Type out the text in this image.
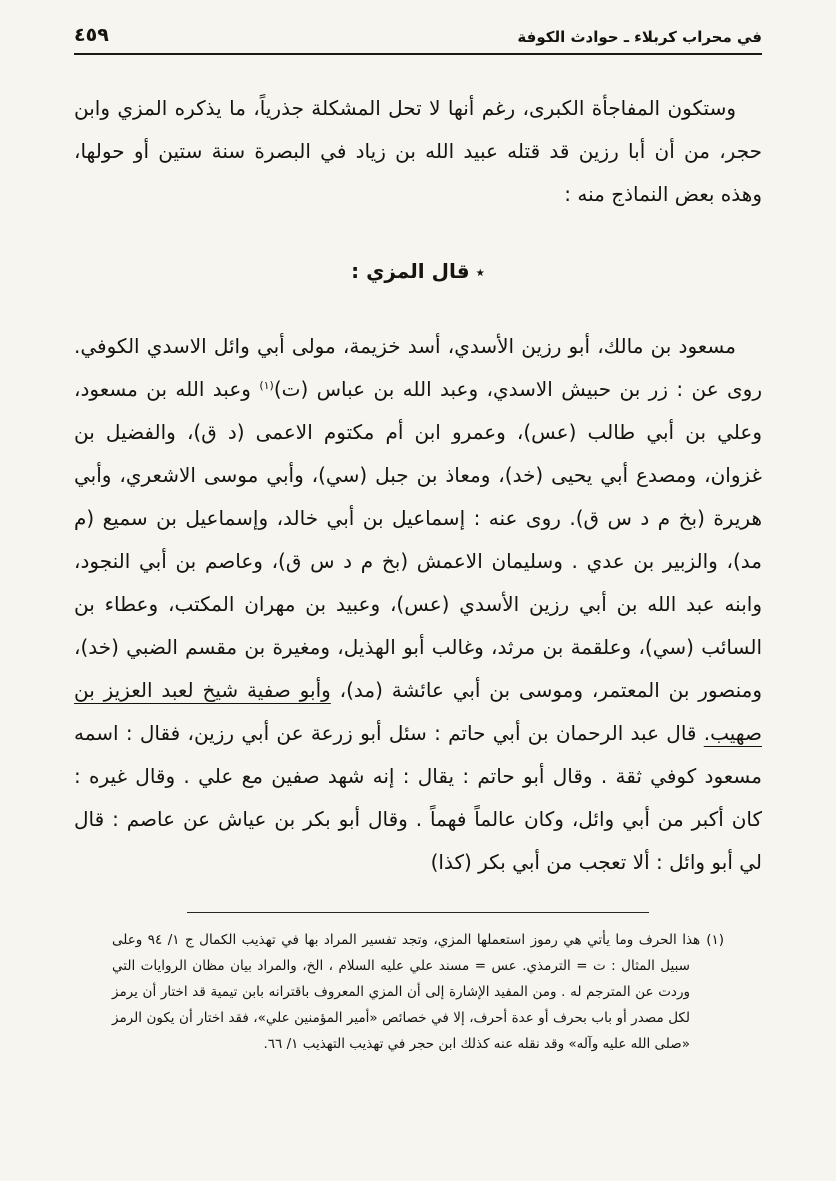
في محراب كربلاء ـ حوادث الكوفة
٤٥٩

وستكون المفاجأة الكبرى، رغم أنها لا تحل المشكلة جذرياً، ما يذكره المزي وابن حجر، من أن أبا رزين قد قتله عبيد الله بن زياد في البصرة سنة ستين أو حولها، وهذه بعض النماذج منه :

٭قال المزي :

مسعود بن مالك، أبو رزين الأسدي، أسد خزيمة، مولى أبي وائل الاسدي الكوفي. روى عن : زر بن حبيش الاسدي، وعبد الله بن عباس (ت)$^{(١)}$ وعبد الله بن مسعود، وعلي بن أبي طالب (عس)، وعمرو ابن أم مكتوم الاعمى (د ق)، والفضيل بن غزوان، ومصدع أبي يحيى (خد)، ومعاذ بن جبل (سي)، وأبي موسى الاشعري، وأبي هريرة (بخ م د س ق). روى عنه : إسماعيل بن أبي خالد، وإسماعيل بن سميع (م مد)، والزبير بن عدي . وسليمان الاعمش (بخ م د س ق)، وعاصم بن أبي النجود، وابنه عبد الله بن أبي رزين الأسدي (عس)، وعبيد بن مهران المكتب، وعطاء بن السائب (سي)، وعلقمة بن مرثد، وغالب أبو الهذيل، ومغيرة بن مقسم الضبي (خد)، ومنصور بن المعتمر، وموسى بن أبي عائشة (مد)، وأبو صفية شيخ لعبد العزيز بن صهيب. قال عبد الرحمان بن أبي حاتم : سئل أبو زرعة عن أبي رزين، فقال : اسمه مسعود كوفي ثقة . وقال أبو حاتم : يقال : إنه شهد صفين مع علي . وقال غيره : كان أكبر من أبي وائل، وكان عالماً فهماً . وقال أبو بكر بن عياش عن عاصم : قال لي أبو وائل : ألا تعجب من أبي بكر (كذا)

(١)هذا الحرف وما يأتي هي رموز استعملها المزي، وتجد تفسير المراد بها في تهذيب الكمال ج ١/ ٩٤ وعلى سبيل المثال : ت = الترمذي. عس = مسند علي عليه السلام ، الخ، والمراد بيان مظان الروايات التي وردت عن المترجم له . ومن المفيد الإشارة إلى أن المزي المعروف باقترانه بابن تيمية قد اختار أن يرمز لكل مصدر أو باب بحرف أو عدة أحرف، إلا في خصائص «أمير المؤمنين علي»، فقد اختار أن يكون الرمز «صلى الله عليه وآله» وقد نقله عنه كذلك ابن حجر في تهذيب التهذيب ١/ ٦٦.
